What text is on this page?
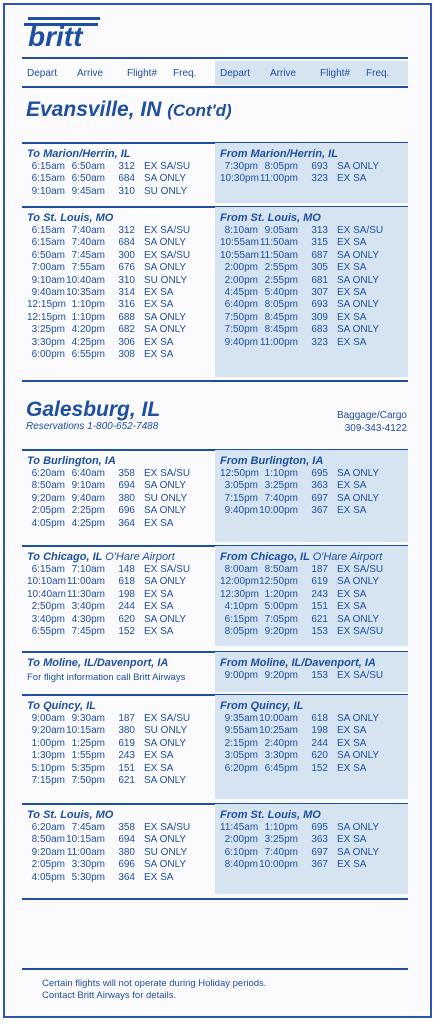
britt
Depart	Arrive	Flight#	Freq. Depart	Arrive	Flight#	Freq.
Evansville, IN (Cont'd)
To Marion/Herrin, IL
6:15am 6:50am	312 EX SA/SU
6:15am 6:50am	684 SA ONLY
9:10am 9:45am	310 SU ONLY
From Marion/Herrin, IL
7:30pm 8:05pm	693 SA ONLY
10:30pm 11:00pm	323 EX SA
To St. Louis, MO
6:15am 7:40am	312 EX SA/SU
6:15am 7:40am	684 SA ONLY
6:50am 7:45am	300 EX SA/SU
7:00am 7:55am	676 SA ONLY
9:10am 10:40am	310 SU ONLY
9:40am 10:35am	314 EX SA
12:15pm 1:10pm	316 EX SA
12:15pm 1:10pm	688 SA ONLY
3:25pm 4:20pm	682 SA ONLY
3:30pm 4:25pm	306 EX SA
6:00pm 6:55pm	308 EX SA
From St. Louis, MO
8:10am 9:05am	313 EX SA/SU
10:55am 11:50am	315 EX SA
10:55am 11:50am	687 SA ONLY
2:00pm 2:55pm	305 EX SA
2:00pm 2:55pm	681 SA ONLY
4:45pm 5:40pm	307 EX SA
6:40pm 8:05pm	693 SA ONLY
7:50pm 8:45pm	309 EX SA
7:50pm 8:45pm	683 SA ONLY
9:40pm 11:00pm	323 EX SA
Galesburg, IL
Reservations 1-800-652-7488
Baggage/Cargo
309-343-4122
To Burlington, IA
6:20am 6:40am	358 EX SA/SU
8:50am 9:10am	694 SA ONLY
9:20am 9:40am	380 SU ONLY
2:05pm 2:25pm	696 SA ONLY
4:05pm 4:25pm	364 EX SA
From Burlington, IA
12:50pm 1:10pm	695 SA ONLY
3:05pm 3:25pm	363 EX SA
7:15pm 7:40pm	697 SA ONLY
9:40pm 10:00pm	367 EX SA
To Chicago, IL O'Hare Airport
6:15am 7:10am	148 EX SA/SU
10:10am 11:00am	618 SA ONLY
10:40am 11:30am	198 EX SA
2:50pm 3:40pm	244 EX SA
3:40pm 4:30pm	620 SA ONLY
6:55pm 7:45pm	152 EX SA
From Chicago, IL O'Hare Airport
8:00am 8:50am	187 EX SA/SU
12:00pm 12:50pm	619 SA ONLY
12:30pm 1:20pm	243 EX SA
4:10pm 5:00pm	151 EX SA
6:15pm 7:05pm	621 SA ONLY
8:05pm 9:20pm	153 EX SA/SU
To Moline, IL/Davenport, IA
For flight information call Britt Airways
From Moline, IL/Davenport, IA
9:00pm 9:20pm	153 EX SA/SU
To Quincy, IL
9:00am 9:30am	187 EX SA/SU
9:20am 10:15am	380 SU ONLY
1:00pm 1:25pm	619 SA ONLY
1:30pm 1:55pm	243 EX SA
5:10pm 5:35pm	151 EX SA
7:15pm 7:50pm	621 SA ONLY
From Quincy, IL
9:35am 10:00am	618 SA ONLY
9:55am 10:25am	198 EX SA
2:15pm 2:40pm	244 EX SA
3:05pm 3:30pm	620 SA ONLY
6:20pm 6:45pm	152 EX SA
To St. Louis, MO
6:20am 7:45am	358 EX SA/SU
8:50am 10:15am	694 SA ONLY
9:20am 11:00am	380 SU ONLY
2:05pm 3:30pm	696 SA ONLY
4:05pm 5:30pm	364 EX SA
From St. Louis, MO
11:45am 1:10pm	695 SA ONLY
2:00pm 3:25pm	363 EX SA
6:10pm 7:40pm	697 SA ONLY
8:40pm 10:00pm	367 EX SA
Certain flights will not operate during Holiday periods.
Contact Britt Airways for details.
